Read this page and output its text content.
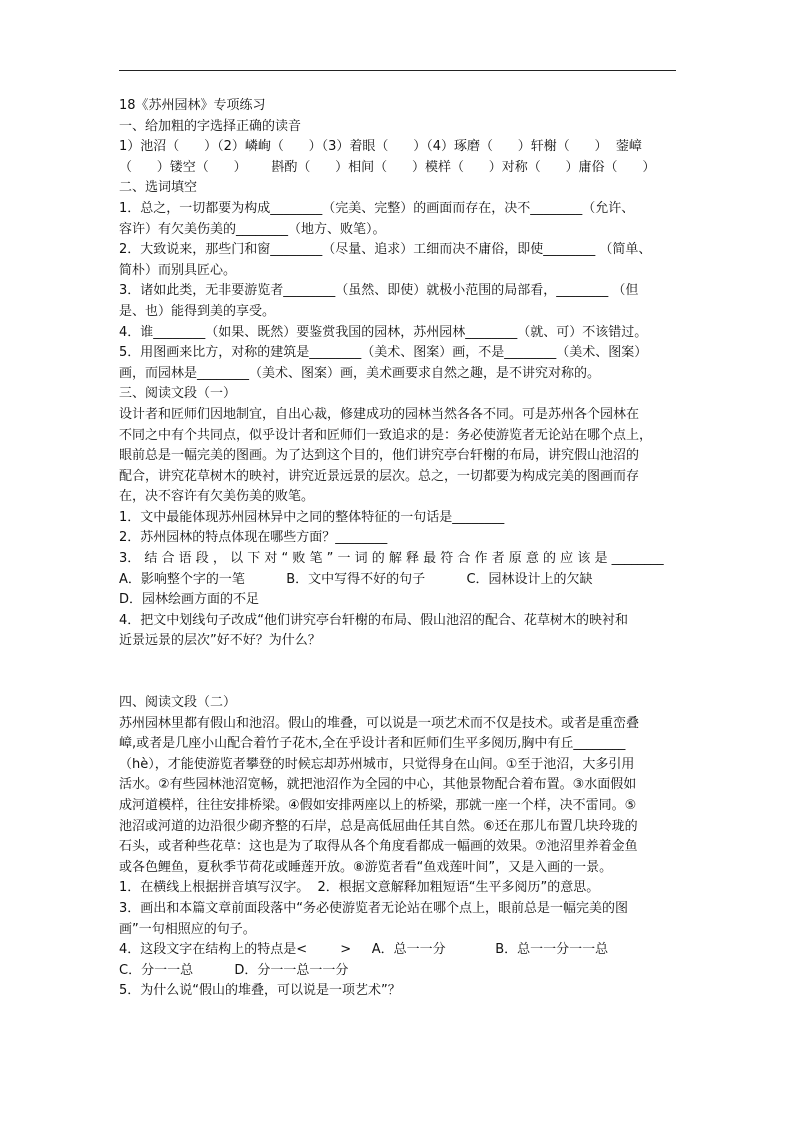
18《苏州园林》专项练习
一、给加粗的字选择正确的读音
1）池沼（      ）（2）嶙峋（      ）（3）着眼（      ）（4）琢磨（      ）轩榭（      ）  蓥嶂
（      ）镂空（      ）      斟酌（      ）相间（      ）模样（      ）对称（      ）庸俗（      ）
二、选词填空
1．总之，一切都要为构成________（完美、完整）的画面而存在，决不________（允许、
容许）有欠美伤美的________（地方、败笔）。
2．大致说来，那些门和窗________（尽量、追求）工细而决不庸俗，即使________ （简单、
简朴）而别具匠心。
3．诸如此类，无非要游览者________（虽然、即使）就极小范围的局部看，________ （但
是、也）能得到美的享受。
4．谁________（如果、既然）要鉴赏我国的园林，苏州园林________（就、可）不该错过。
5．用图画来比方，对称的建筑是________（美术、图案）画，不是________（美术、图案）
画，而园林是________（美术、图案）画，美术画要求自然之趣，是不讲究对称的。
三、阅读文段（一）
设计者和匠师们因地制宜，自出心裁，修建成功的园林当然各各不同。可是苏州各个园林在
不同之中有个共同点，似乎设计者和匠师们一致追求的是：务必使游览者无论站在哪个点上，
眼前总是一幅完美的图画。为了达到这个目的，他们讲究亭台轩榭的布局，讲究假山池沼的
配合，讲究花草树木的映衬，讲究近景远景的层次。总之，一切都要为构成完美的图画而存
在，决不容许有欠美伤美的败笔。
1．文中最能体现苏州园林异中之同的整体特征的一句话是________
2．苏州园林的特点体现在哪些方面？________
3． 结 合 语 段 ， 以 下 对 “ 败 笔 ” 一 词 的 解 释 最 符 合 作 者 原 意 的 应 该 是 ________
A．影响整个字的一笔          B．文中写得不好的句子          C．园林设计上的欠缺
D．园林绘画方面的不足
4．把文中划线句子改成“他们讲究亭台轩榭的布局、假山池沼的配合、花草树木的映衬和
近景远景的层次”好不好？为什么？
四、阅读文段（二）
苏州园林里都有假山和池沼。假山的堆叠，可以说是一项艺术而不仅是技术。或者是重峦叠
嶂,或者是几座小山配合着竹子花木,全在乎设计者和匠师们生平多阅历,胸中有丘________
（hè），才能使游览者攀登的时候忘却苏州城市，只觉得身在山间。①至于池沼，大多引用
活水。②有些园林池沼宽畅，就把池沼作为全园的中心，其他景物配合着布置。③水面假如
成河道模样，往往安排桥梁。④假如安排两座以上的桥梁，那就一座一个样，决不雷同。⑤
池沼或河道的边沿很少砌齐整的石岸，总是高低屈曲任其自然。⑥还在那儿布置几块玲珑的
石头，或者种些花草：这也是为了取得从各个角度看都成一幅画的效果。⑦池沼里养着金鱼
或各色鲤鱼，夏秋季节荷花或睡莲开放。⑧游览者看“鱼戏莲叶间”，又是入画的一景。
1．在横线上根据拼音填写汉字。  2．根据文意解释加粗短语“生平多阅历”的意思。
3．画出和本篇文章前面段落中“务必使游览者无论站在哪个点上，眼前总是一幅完美的图
画”一句相照应的句子。
4．这段文字在结构上的特点是<        >     A．总一一分            B．总一一分一一总
C．分一一总          D．分一一总一一分
5．为什么说“假山的堆叠，可以说是一项艺术”？
